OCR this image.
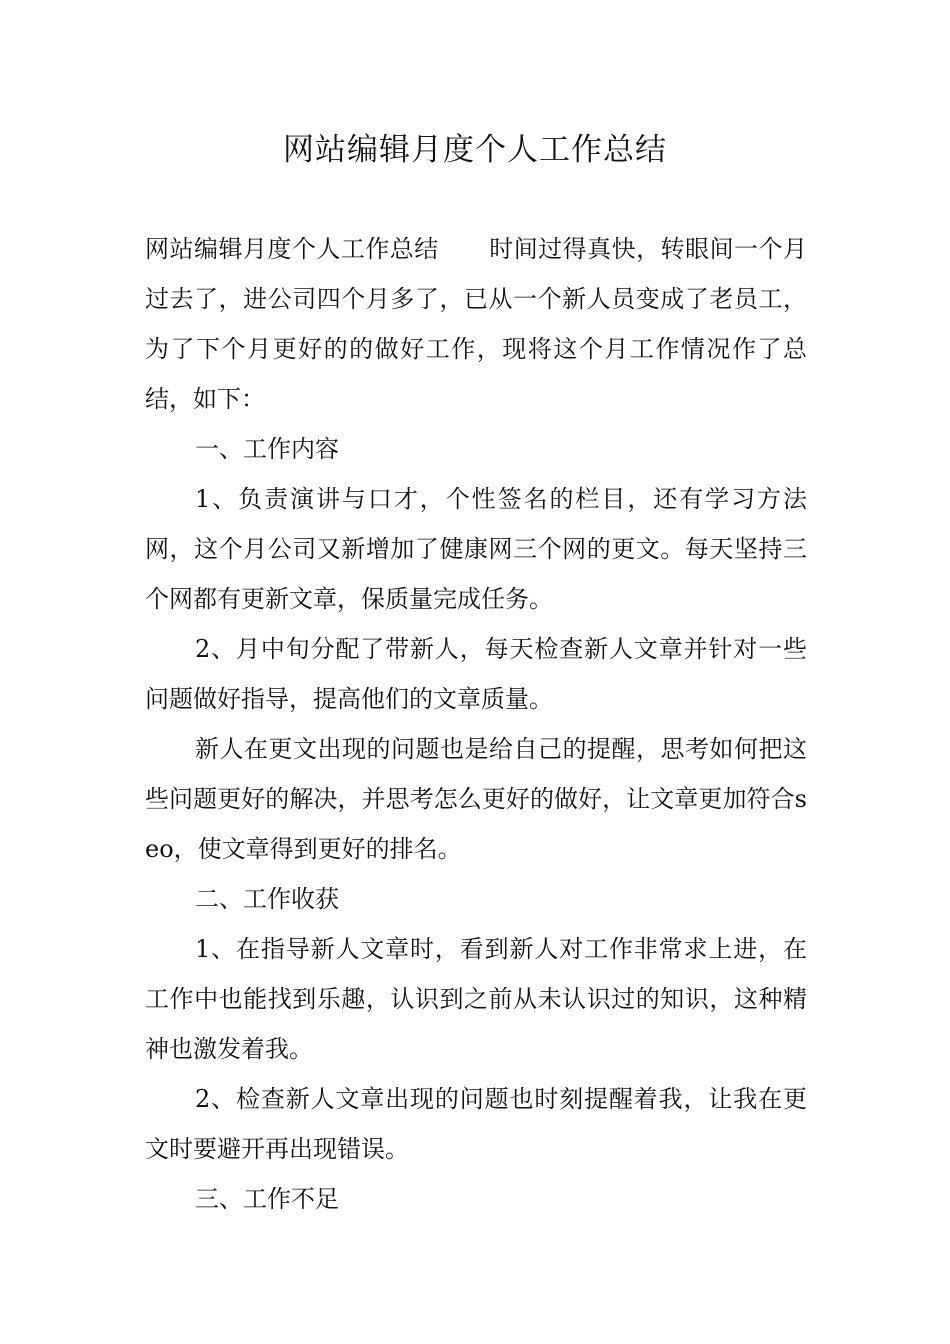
网站编辑月度个人工作总结

网站编辑月度个人工作总结 时间过得真快，转眼间一个月过去了，进公司四个月多了，已从一个新人员变成了老员工，为了下个月更好的的做好工作，现将这个月工作情况作了总结，如下：

一、工作内容

1、负责演讲与口才，个性签名的栏目，还有学习方法网，这个月公司又新增加了健康网三个网的更文。每天坚持三个网都有更新文章，保质量完成任务。

2、月中旬分配了带新人，每天检查新人文章并针对一些问题做好指导，提高他们的文章质量。

新人在更文出现的问题也是给自己的提醒，思考如何把这些问题更好的解决，并思考怎么更好的做好，让文章更加符合seo，使文章得到更好的排名。

二、工作收获

1、在指导新人文章时，看到新人对工作非常求上进，在工作中也能找到乐趣，认识到之前从未认识过的知识，这种精神也激发着我。

2、检查新人文章出现的问题也时刻提醒着我，让我在更文时要避开再出现错误。

三、工作不足
